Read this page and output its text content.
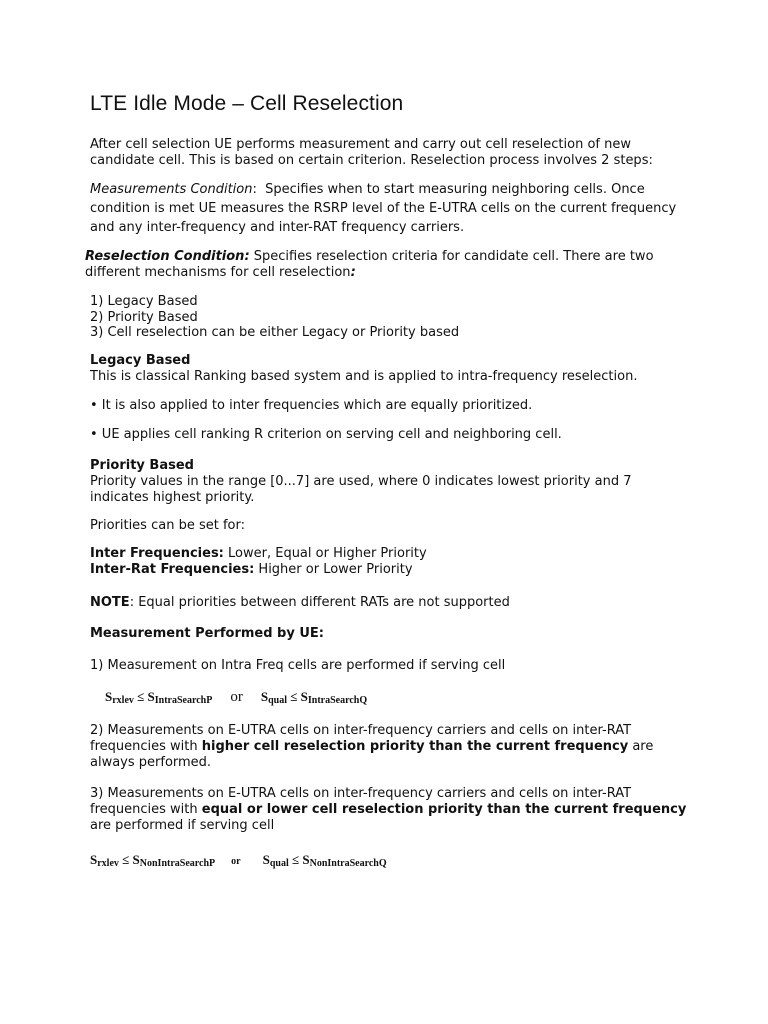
LTE Idle Mode – Cell Reselection

After cell selection UE performs measurement and carry out cell reselection of new candidate cell. This is based on certain criterion. Reselection process involves 2 steps:

Measurements Condition: Specifies when to start measuring neighboring cells. Once condition is met UE measures the RSRP level of the E-UTRA cells on the current frequency and any inter-frequency and inter-RAT frequency carriers.

Reselection Condition: Specifies reselection criteria for candidate cell. There are two different mechanisms for cell reselection:

1) Legacy Based
2) Priority Based
3) Cell reselection can be either Legacy or Priority based
Legacy Based
This is classical Ranking based system and is applied to intra-frequency reselection.
• It is also applied to inter frequencies which are equally prioritized.
• UE applies cell ranking R criterion on serving cell and neighboring cell.
Priority Based
Priority values in the range [0...7] are used, where 0 indicates lowest priority and 7 indicates highest priority.
Priorities can be set for:
Inter Frequencies: Lower, Equal or Higher Priority
Inter-Rat Frequencies: Higher or Lower Priority
NOTE: Equal priorities between different RATs are not supported
Measurement Performed by UE:
1) Measurement on Intra Freq cells are performed if serving cell
$S_{rxlev} \le S_{IntraSearchP}$ or $S_{qual} \le S_{IntraSearchQ}$
2) Measurements on E-UTRA cells on inter-frequency carriers and cells on inter-RAT frequencies with higher cell reselection priority than the current frequency are always performed.
3) Measurements on E-UTRA cells on inter-frequency carriers and cells on inter-RAT frequencies with equal or lower cell reselection priority than the current frequency are performed if serving cell
$S_{rxlev} \le S_{NonIntraSearchP}$ or $S_{qual} \le S_{NonIntraSearchQ}$
